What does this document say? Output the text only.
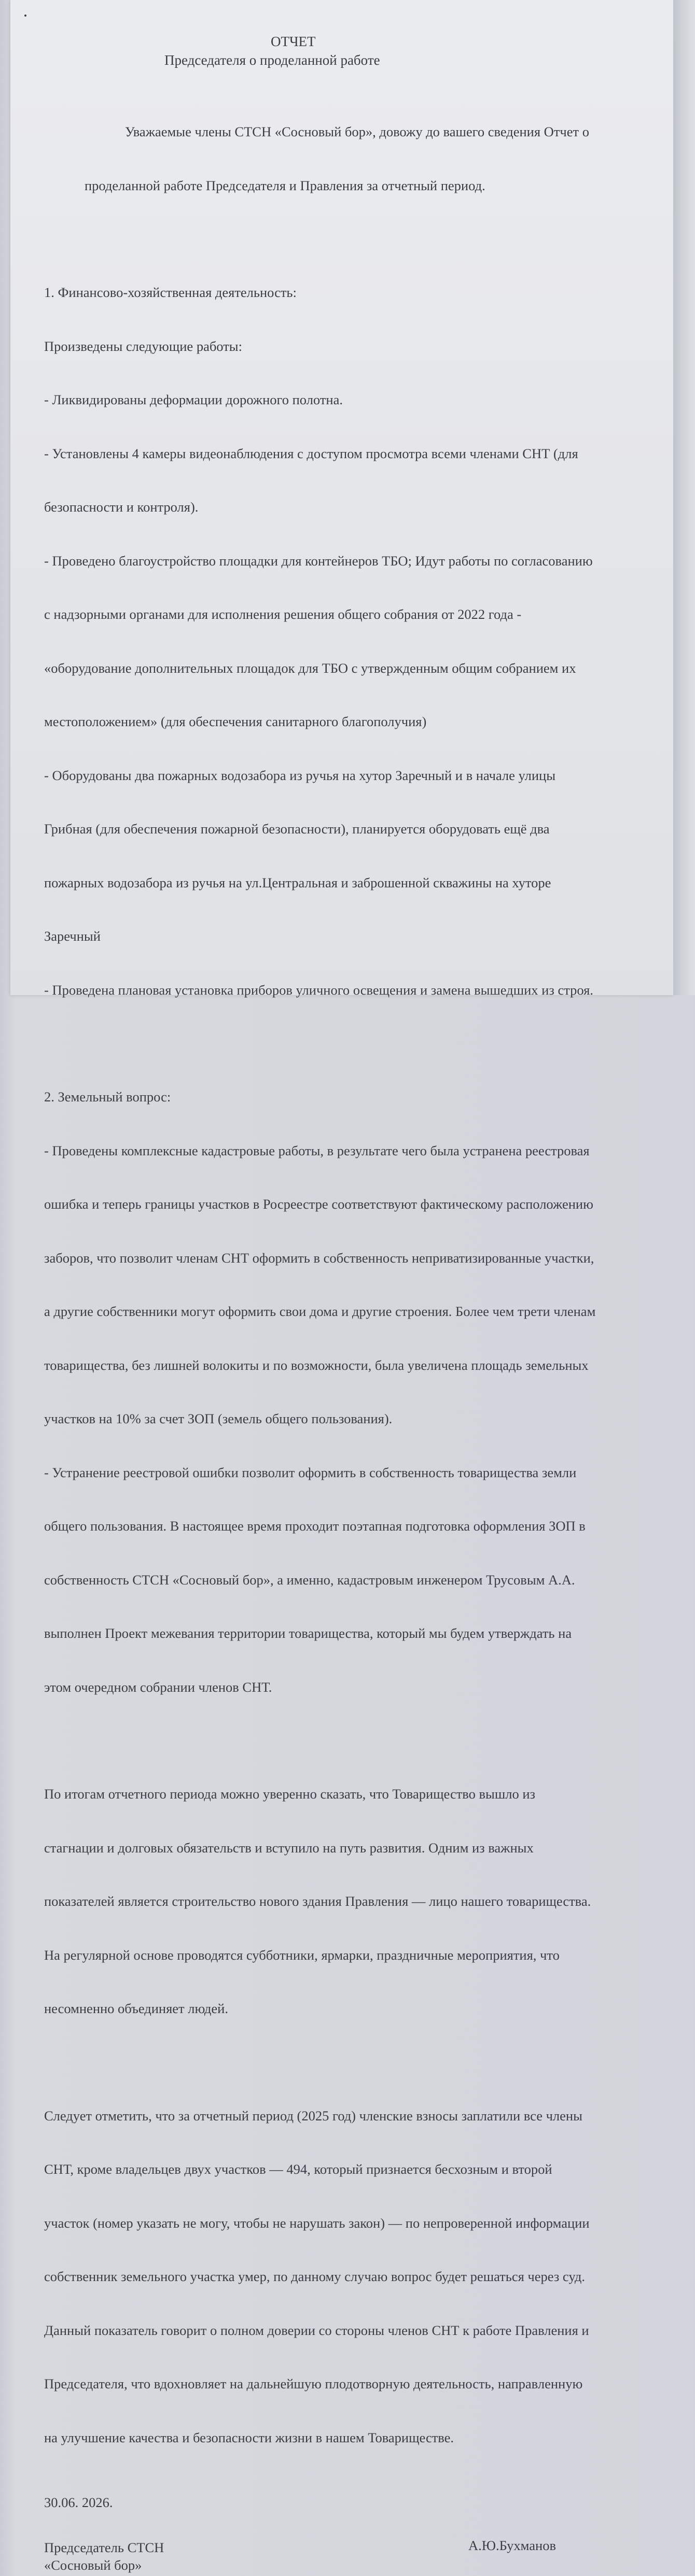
ОТЧЕТ
Председателя о проделанной работе

Уважаемые члены СТСН «Сосновый бор», довожу до вашего сведения Отчет о

проделанной работе Председателя и Правления за отчетный период.

1. Финансово-хозяйственная деятельность:

Произведены следующие работы:

- Ликвидированы деформации дорожного полотна.

- Установлены 4 камеры видеонаблюдения с доступом просмотра всеми членами СНТ (для

безопасности и контроля).

- Проведено благоустройство площадки для контейнеров ТБО; Идут работы по согласованию

с надзорными органами для исполнения решения общего собрания от 2022 года -

«оборудование дополнительных площадок для ТБО с утвержденным общим собранием их

местоположением» (для обеспечения санитарного благополучия)

- Оборудованы два пожарных водозабора из ручья на хутор Заречный и в начале улицы

Грибная (для обеспечения пожарной безопасности), планируется оборудовать ещё два

пожарных водозабора из ручья на ул.Центральная и заброшенной скважины на хуторе

Заречный

- Проведена плановая установка приборов уличного освещения и замена вышедших из строя.

2. Земельный вопрос:

- Проведены комплексные кадастровые работы, в результате чего была устранена реестровая

ошибка и теперь границы участков в Росреестре соответствуют фактическому расположению

заборов, что позволит членам СНТ оформить в собственность неприватизированные участки,

а другие собственники могут оформить свои дома и другие строения. Более чем трети членам

товарищества, без лишней волокиты и по возможности, была увеличена площадь земельных

участков на 10% за счет ЗОП (земель общего пользования).

- Устранение реестровой ошибки позволит оформить в собственность товарищества земли

общего пользования. В настоящее время проходит поэтапная подготовка оформления ЗОП в

собственность СТСН «Сосновый бор», а именно, кадастровым инженером Трусовым А.А.

выполнен Проект межевания территории товарищества, который мы будем утверждать на

этом очередном собрании членов СНТ.

По итогам отчетного периода можно уверенно сказать, что Товарищество вышло из

стагнации и долговых обязательств и вступило на путь развития. Одним из важных

показателей является строительство нового здания Правления — лицо нашего товарищества.

На регулярной основе проводятся субботники, ярмарки, праздничные мероприятия, что

несомненно объединяет людей.

Следует отметить, что за отчетный период (2025 год) членские взносы заплатили все члены

СНТ, кроме владельцев двух участков — 494, который признается бесхозным и второй

участок (номер указать не могу, чтобы не нарушать закон) — по непроверенной информации

собственник земельного участка умер, по данному случаю вопрос будет решаться через суд.

Данный показатель говорит о полном доверии со стороны членов СНТ к работе Правления и

Председателя, что вдохновляет на дальнейшую плодотворную деятельность, направленную

на улучшение качества и безопасности жизни в нашем Товариществе.

30.06. 2026.
Председатель СТСН
«Сосновый бор»
А.Ю.Бухманов
